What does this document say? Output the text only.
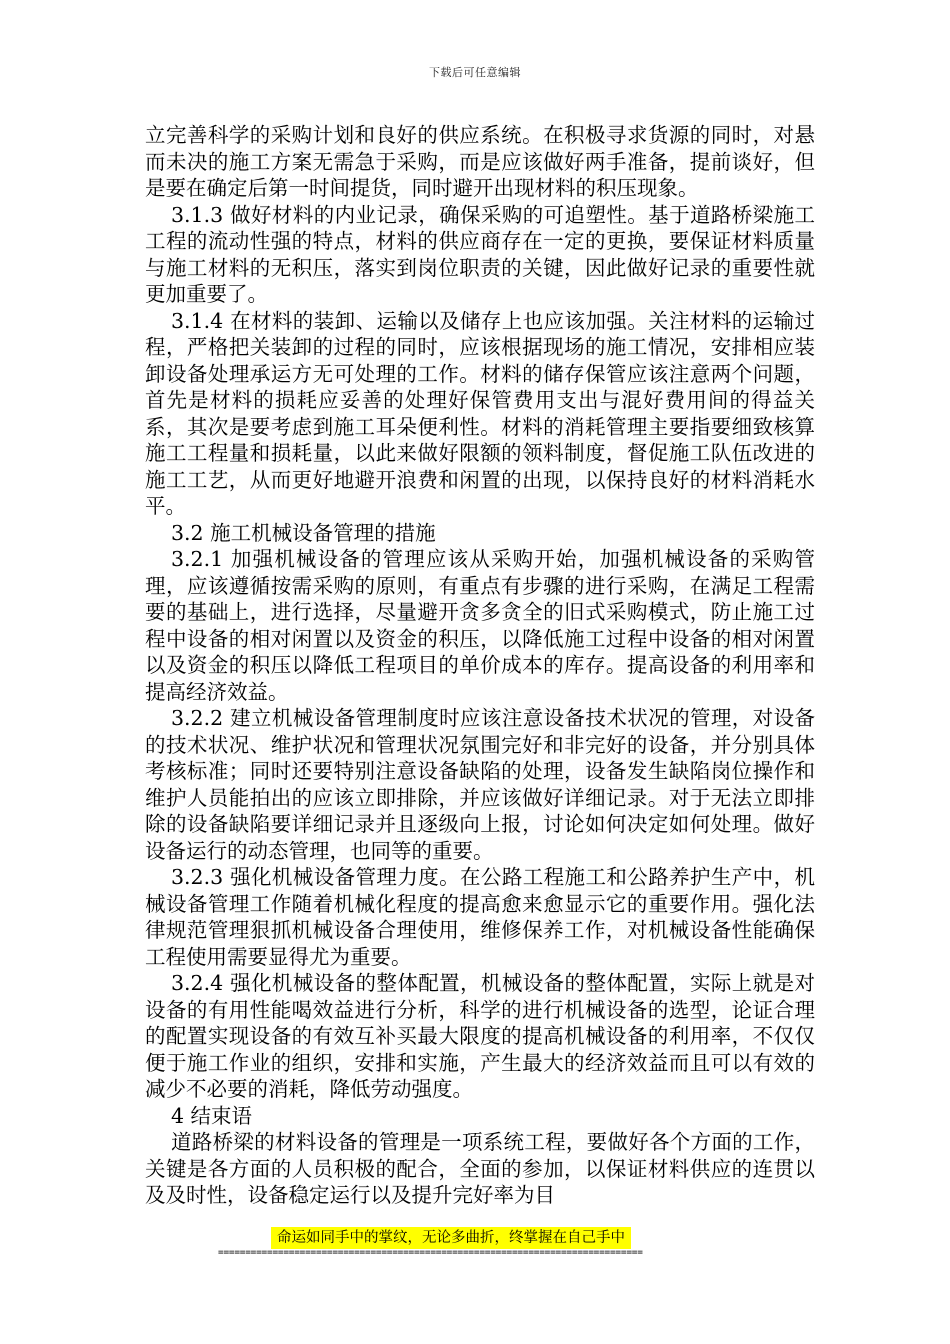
下载后可任意编辑

立完善科学的采购计划和良好的供应系统。在积极寻求货源的同时，对悬而未决的施工方案无需急于采购，而是应该做好两手准备，提前谈好，但是要在确定后第一时间提货，同时避开出现材料的积压现象。

3.1.3 做好材料的内业记录，确保采购的可追塑性。基于道路桥梁施工工程的流动性强的特点，材料的供应商存在一定的更换，要保证材料质量与施工材料的无积压，落实到岗位职责的关键，因此做好记录的重要性就更加重要了。

3.1.4 在材料的装卸、运输以及储存上也应该加强。关注材料的运输过程，严格把关装卸的过程的同时，应该根据现场的施工情况，安排相应装卸设备处理承运方无可处理的工作。材料的储存保管应该注意两个问题，首先是材料的损耗应妥善的处理好保管费用支出与混好费用间的得益关系，其次是要考虑到施工耳朵便利性。材料的消耗管理主要指要细致核算施工工程量和损耗量，以此来做好限额的领料制度，督促施工队伍改进的施工工艺，从而更好地避开浪费和闲置的出现，以保持良好的材料消耗水平。

3.2 施工机械设备管理的措施

3.2.1 加强机械设备的管理应该从采购开始，加强机械设备的采购管理，应该遵循按需采购的原则，有重点有步骤的进行采购，在满足工程需要的基础上，进行选择，尽量避开贪多贪全的旧式采购模式，防止施工过程中设备的相对闲置以及资金的积压，以降低施工过程中设备的相对闲置以及资金的积压以降低工程项目的单价成本的库存。提高设备的利用率和提高经济效益。

3.2.2 建立机械设备管理制度时应该注意设备技术状况的管理，对设备的技术状况、维护状况和管理状况氛围完好和非完好的设备，并分别具体考核标准；同时还要特别注意设备缺陷的处理，设备发生缺陷岗位操作和维护人员能拍出的应该立即排除，并应该做好详细记录。对于无法立即排除的设备缺陷要详细记录并且逐级向上报，讨论如何决定如何处理。做好设备运行的动态管理，也同等的重要。

3.2.3 强化机械设备管理力度。在公路工程施工和公路养护生产中，机械设备管理工作随着机械化程度的提高愈来愈显示它的重要作用。强化法律规范管理狠抓机械设备合理使用，维修保养工作，对机械设备性能确保工程使用需要显得尤为重要。

3.2.4 强化机械设备的整体配置，机械设备的整体配置，实际上就是对设备的有用性能喝效益进行分析，科学的进行机械设备的选型，论证合理的配置实现设备的有效互补买最大限度的提高机械设备的利用率，不仅仅便于施工作业的组织，安排和实施，产生最大的经济效益而且可以有效的减少不必要的消耗，降低劳动强度。

4 结束语

道路桥梁的材料设备的管理是一项系统工程，要做好各个方面的工作，关键是各方面的人员积极的配合，全面的参加，以保证材料供应的连贯以及及时性，设备稳定运行以及提升完好率为目

命运如同手中的掌纹，无论多曲折，终掌握在自己手中
==============================================================================
